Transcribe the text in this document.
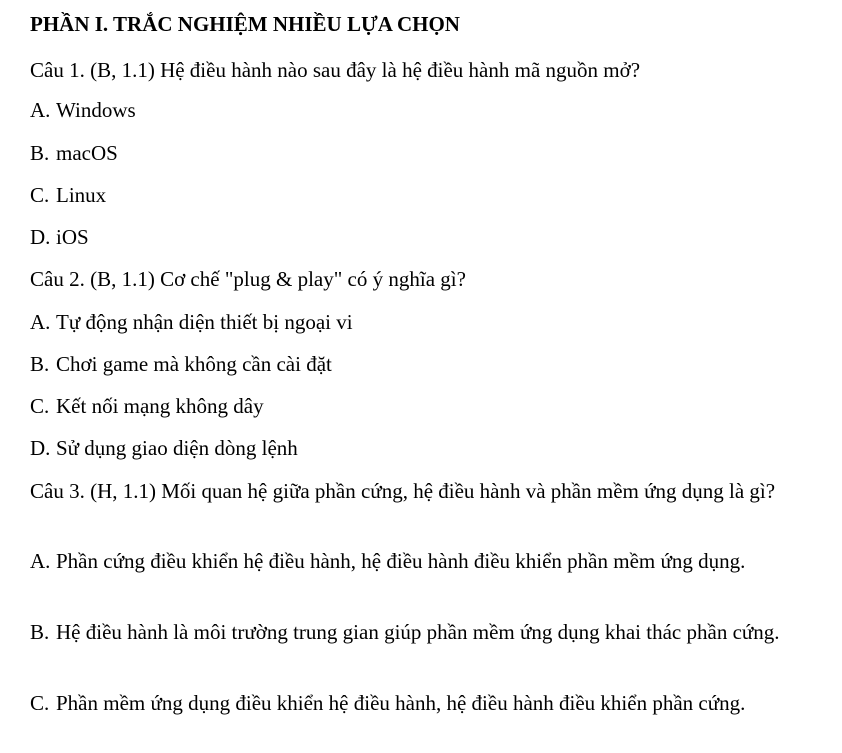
PHẦN I. TRẮC NGHIỆM NHIỀU LỰA CHỌN
Câu 1. (B, 1.1) Hệ điều hành nào sau đây là hệ điều hành mã nguồn mở?
A. Windows
B. macOS
C. Linux
D. iOS
Câu 2. (B, 1.1) Cơ chế "plug & play" có ý nghĩa gì?
A. Tự động nhận diện thiết bị ngoại vi
B. Chơi game mà không cần cài đặt
C. Kết nối mạng không dây
D. Sử dụng giao diện dòng lệnh
Câu 3. (H, 1.1) Mối quan hệ giữa phần cứng, hệ điều hành và phần mềm ứng dụng là gì?
A. Phần cứng điều khiển hệ điều hành, hệ điều hành điều khiển phần mềm ứng dụng.
B. Hệ điều hành là môi trường trung gian giúp phần mềm ứng dụng khai thác phần cứng.
C. Phần mềm ứng dụng điều khiển hệ điều hành, hệ điều hành điều khiển phần cứng.
